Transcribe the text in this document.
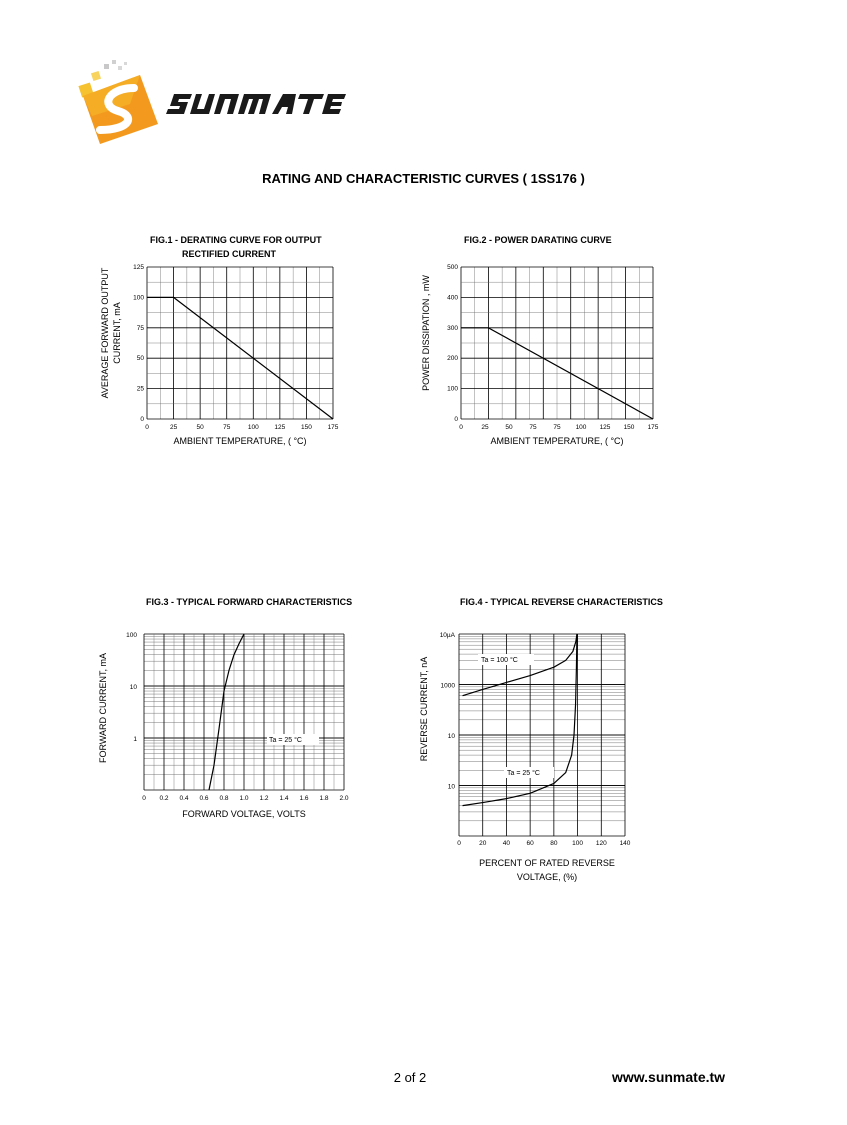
RATING AND CHARACTERISTIC CURVES ( 1SS176 )
FIG.1 - DERATING CURVE FOR OUTPUT
RECTIFIED CURRENT
FIG.2 - POWER DARATING CURVE
FIG.3 - TYPICAL FORWARD CHARACTERISTICS	FIG.4 - TYPICAL REVERSE CHARACTERISTICS
0	25	50	75	100 125 150 175
0
25
50
75
100
125
AMBIENT TEMPERATURE, ( °C)
AVERAGE FORWARD OUTPUT CURRENT, mA
0	25	50	75	75 100 125 150 175
0
100
200
300
400
500
AMBIENT TEMPERATURE, ( °C)
POWER DISSIPATION , mW
0 0.2 0.4 0.6 0.8 1.0 1.2 1.4 1.6 1.8 2.0
1
10
100
Ta = 25 °C
FORWARD VOLTAGE, VOLTS
FORWARD CURRENT, mA
0	20	40	60	80 100 120 140
10
10
1000
10µA
Ta = 100 °C
Ta = 25 °C
PERCENT OF RATED REVERSE
VOLTAGE, (%)
REVERSE CURRENT, nA
2 of 2	www.sunmate.tw
